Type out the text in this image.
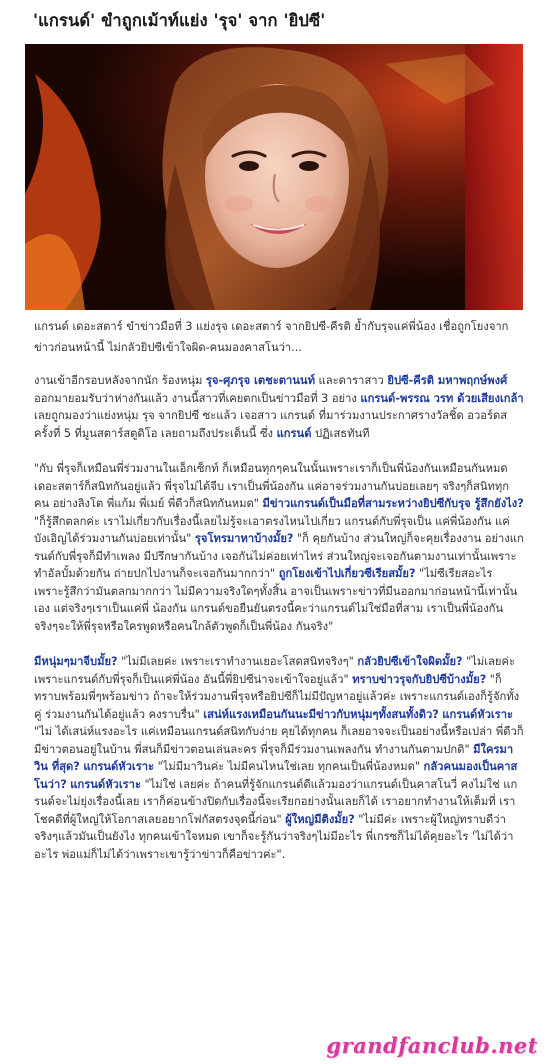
'แกรนด์' ขำถูกเม้าท์แย่ง 'รุจ' จาก 'ยิปซี'
แกรนด์ เดอะสตาร์ ขำข่าวมือที่ 3 แย่งรุจ เดอะสตาร์ จากยิปซี-คีรติ ย้ำกับรุจแค่พี่น้อง เชื่อถูกโยงจากข่าวก่อนหน้านี้ ไม่กลัวยิปซีเข้าใจผิด-คนมองคาสโนว่า...

งานเข้าอีกรอบหลังจากนัก ร้องหนุ่ม รุจ-ศุภรุจ เตชะตานนท์ และดาราสาว ยิปซี-คีรติ มหาพฤกษ์พงศ์ ออกมายอมรับว่าห่างกันแล้ว งานนี้สาวที่เคยตกเป็นข่าวมือที่ 3 อย่าง แกรนด์-พรรณ วรท ด้วยเสียงเกล้า เลยถูกมองว่าแย่งหนุ่ม รุจ จากยิปซี ซะแล้ว เจอสาว แกรนด์ ที่มาร่วมงานประกาศรางวัลชิ้ด อวอร์ดส ครั้งที่ 5 ที่มูนสตาร์สตูดิโอ เลยถามถึงประเด็นนี้ ซึ่ง แกรนด์ ปฏิเสธทันที

"กับ พี่รุจก็เหมือนพี่ร่วมงานในเอ็กเซ็กท์ ก็เหมือนทุกๆคนในนั้นเพราะเราก็เป็นพี่น้องกันเหมือนกันหมด เดอะสตาร์ก็สนิทกันอยู่แล้ว พี่รุจไม่ได้จีบ เราเป็นพี่น้องกัน แค่อาจร่วมงานกันบ่อยเลยๆ จริงๆก็สนิททุกคน อย่างลิงโต พี่แก้ม พี่เมย์ พี่ดีวก็สนิทกันหมด" มีข่าวแกรนด์เป็นมือที่สามระหว่างยิปซีกับรุจ รู้สึกยังไง? "ก็รู้สึกตลกค่ะ เราไม่เกี่ยวกับเรื่องนี้เลยไม่รู้จะเอาตรงไหนไปเกี่ยว แกรนด์กับพี่รุจเป็น แค่พี่น้องกัน แค่บังเอิญได้ร่วมงานกันบ่อยเท่านั้น" รุจโทรมาหาบ้างมั้ย? "ก็ คุยกันบ้าง ส่วนใหญ่ก็จะคุยเรื่องงาน อย่างแกรนด์กับพี่รุจก็มีทำเพลง มีปรึกษากันบ้าง เจอกันไม่ค่อยเท่าไหร่ ส่วนใหญ่จะเจอกันตามงานเท่านั้นเพราะทำอัลบั้มด้วยกัน ถ่ายปกไปงานก็จะเจอกันมากกว่า" ถูกโยงเข้าไปเกี่ยวซีเรียสมั้ย? "ไม่ซีเรียสอะไร เพราะรู้สึกว่ามันตลกมากกว่า ไม่มีความจริงใดๆทั้งสิ้น อาจเป็นเพราะข่าวที่มีนออกมาก่อนหน้านี้เท่านั้นเอง แต่จริงๆเราเป็นแค่พี่ น้องกัน แกรนด์ขอยืนยันตรงนี้คะว่าแกรนด์ไม่ใช่มือที่สาม เราเป็นพี่น้องกันจริงๆจะให้พี่รุจหรือใครพูดหรือคนใกล้ตัวพูดก็เป็นพี่น้อง กันจริง"

มีหนุ่มๆมาจีบมั้ย? "ไม่มีเลยค่ะ เพราะเราทำงานเยอะโสดสนิทจริงๆ" กลัวยิปซีเข้าใจผิดมั้ย? "ไม่เลยค่ะ เพราะแกรนด์กับพี่รุจก็เป็นแค่พี่น้อง อันนี้พี่ยิปซีน่าจะเข้าใจอยู่แล้ว" ทราบข่าวรุจกับยิปซีบ้างมั้ย? "ก็ทราบพร้อมพี่ๆพร้อมข่าว ถ้าจะให้ร่วมงานพี่รุจหรือยิปซีก็ไม่มีปัญหาอยู่แล้วค่ะ เพราะแกรนด์เองก็รู้จักทั้งคู่ ร่วมงานกันได้อยู่แล้ว คงราบรื่น" เสน่ห์แรงเหมือนกันนะมีข่าวกับหนุ่มๆทั้งสนทั้งดิว? แกรนด์หัวเราะ "ไม่ ได้เสน่ห์แรงอะไร แค่เหมือนแกรนด์สนิทกับง่าย คุยได้ทุกคน ก็เลยอาจจะเป็นอย่างนี้หรือเปล่า พี่ดีวก็มีข่าวตอนอยู่ในบ้าน พี่สนก็มีข่าวตอนเล่นละคร พี่รุจก็มีร่วมงานเพลงกัน ทำงานกันตามปกติ" มีใครมาวิน ที่สุด? แกรนด์หัวเราะ "ไม่มีมาวินค่ะ ไม่มีคนไหนใช่เลย ทุกคนเป็นพี่น้องหมด" กลัวคนมองเป็นคาสโนว่า? แกรนด์หัวเราะ "ไม่ใช่ เลยค่ะ ถ้าคนที่รู้จักแกรนด์ดีแล้วมองว่าแกรนด์เป็นคาสโนวี่ คงไม่ใช่ แกรนด์จะไม่ยุ่งเรื่องนี้เลย เราก็ค่อนข้างปิดกับเรื่องนี้จะเรียกอย่างนั้นเลยก็ได้ เราอยากทำงานให้เต็มที่ เราโชคดีที่ผู้ใหญ่ให้โอกาสเลยอยากโฟกัสตรงจุดนี้ก่อน" ผู้ใหญ่มีติงมั้ย? "ไม่มีค่ะ เพราะผู้ใหญ่ทราบดีว่าจริงๆแล้วมันเป็นยังไง ทุกคนเข้าใจหมด เขาก็จะรู้กันว่าจริงๆไม่มีอะไร พี่เกรซก็ไม่ได้คุยอะไร 'ไม่ได้ว่าอะไร พ่อแม่ก็ไม่ได้ว่าเพราะเขารู้ว่าข่าวก็คือข่าวค่ะ".

grandfanclub.net
